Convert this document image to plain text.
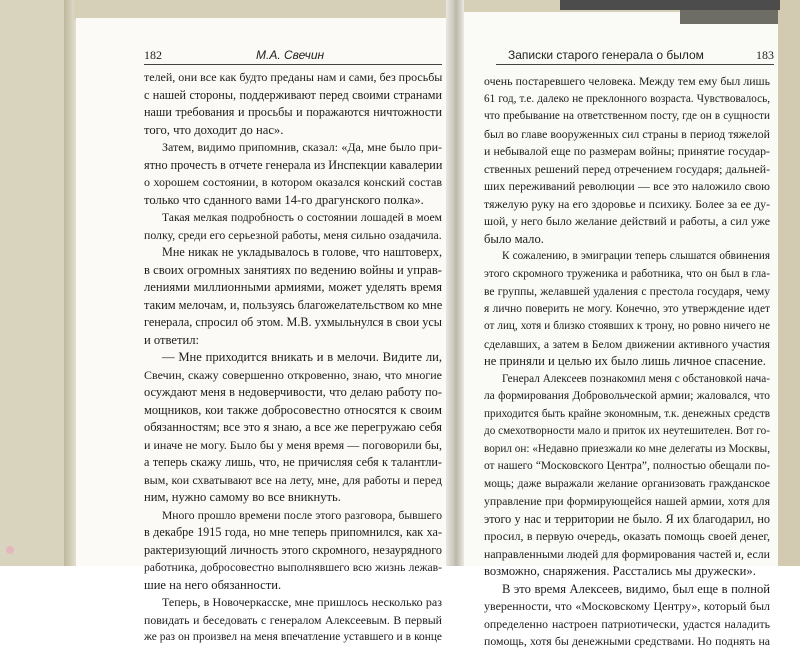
182	М.А. Свечин	Записки старого генерала о былом	183

телей, они все как будто преданы нам и сами, без просьбы

с нашей стороны, поддерживают перед своими странами

наши требования и просьбы и поражаются ничтожности

того, что доходит до нас».

Затем, видимо припомнив, сказал: «Да, мне было при-

ятно прочесть в отчете генерала из Инспекции кавалерии

о хорошем состоянии, в котором оказался конский состав

только что сданного вами 14-го драгунского полка».

Такая мелкая подробность о состоянии лошадей в моем

полку, среди его серьезной работы, меня сильно озадачила.

Мне никак не укладывалось в голове, что наштоверх,

в своих огромных занятиях по ведению войны и управ-

лениями миллионными армиями, может уделять время

таким мелочам, и, пользуясь благожелательством ко мне

генерала, спросил об этом. М.В. ухмыльнулся в свои усы

и ответил:

— Мне приходится вникать и в мелочи. Видите ли,

Свечин, скажу совершенно откровенно, знаю, что многие

осуждают меня в недоверчивости, что делаю работу по-

мощников, кои также добросовестно относятся к своим

обязанностям; все это я знаю, а все же перегружаю себя

и иначе не могу. Было бы у меня время — поговорили бы,

а теперь скажу лишь, что, не причисляя себя к талантли-

вым, кои схватывают все на лету, мне, для работы и перед

ним, нужно самому во все вникнуть.

Много прошло времени после этого разговора, бывшего

в декабре 1915 года, но мне теперь припомнился, как ха-

рактеризующий личность этого скромного, незаурядного

работника, добросовестно выполнявшего всю жизнь лежав-

шие на него обязанности.

Теперь, в Новочеркасске, мне пришлось несколько раз

повидать и беседовать с генералом Алексеевым. В первый

же раз он произвел на меня впечатление уставшего и в конце

очень постаревшего человека. Между тем ему был лишь

61 год, т.е. далеко не преклонного возраста. Чувствовалось,

что пребывание на ответственном посту, где он в сущности

был во главе вооруженных сил страны в период тяжелой

и небывалой еще по размерам войны; принятие государ-

ственных решений перед отречением государя; дальней-

ших переживаний революции — все это наложило свою

тяжелую руку на его здоровье и психику. Более за ее ду-

шой, у него было желание действий и работы, а сил уже

было мало.

К сожалению, в эмиграции теперь слышатся обвинения

этого скромного труженика и работника, что он был в гла-

ве группы, желавшей удаления с престола государя, чему

я лично поверить не могу. Конечно, это утверждение идет

от лиц, хотя и близко стоявших к трону, но ровно ничего не

сделавших, а затем в Белом движении активного участия

не приняли и целью их было лишь личное спасение.

Генерал Алексеев познакомил меня с обстановкой нача-

ла формирования Добровольческой армии; жаловался, что

приходится быть крайне экономным, т.к. денежных средств

до смехотворности мало и приток их неутешителен. Вот го-

ворил он: «Недавно приезжали ко мне делегаты из Москвы,

от нашего “Московского Центра”, полностью обещали по-

мощь; даже выражали желание организовать гражданское

управление при формирующейся нашей армии, хотя для

этого у нас и территории не было. Я их благодарил, но

просил, в первую очередь, оказать помощь своей денег,

направленными людей для формирования частей и, если

возможно, снаряжения. Расстались мы дружески».

В это время Алексеев, видимо, был еще в полной

уверенности, что «Московскому Центру», который был

определенно настроен патриотически, удастся наладить

помощь, хотя бы денежными средствами. Но поднять на
